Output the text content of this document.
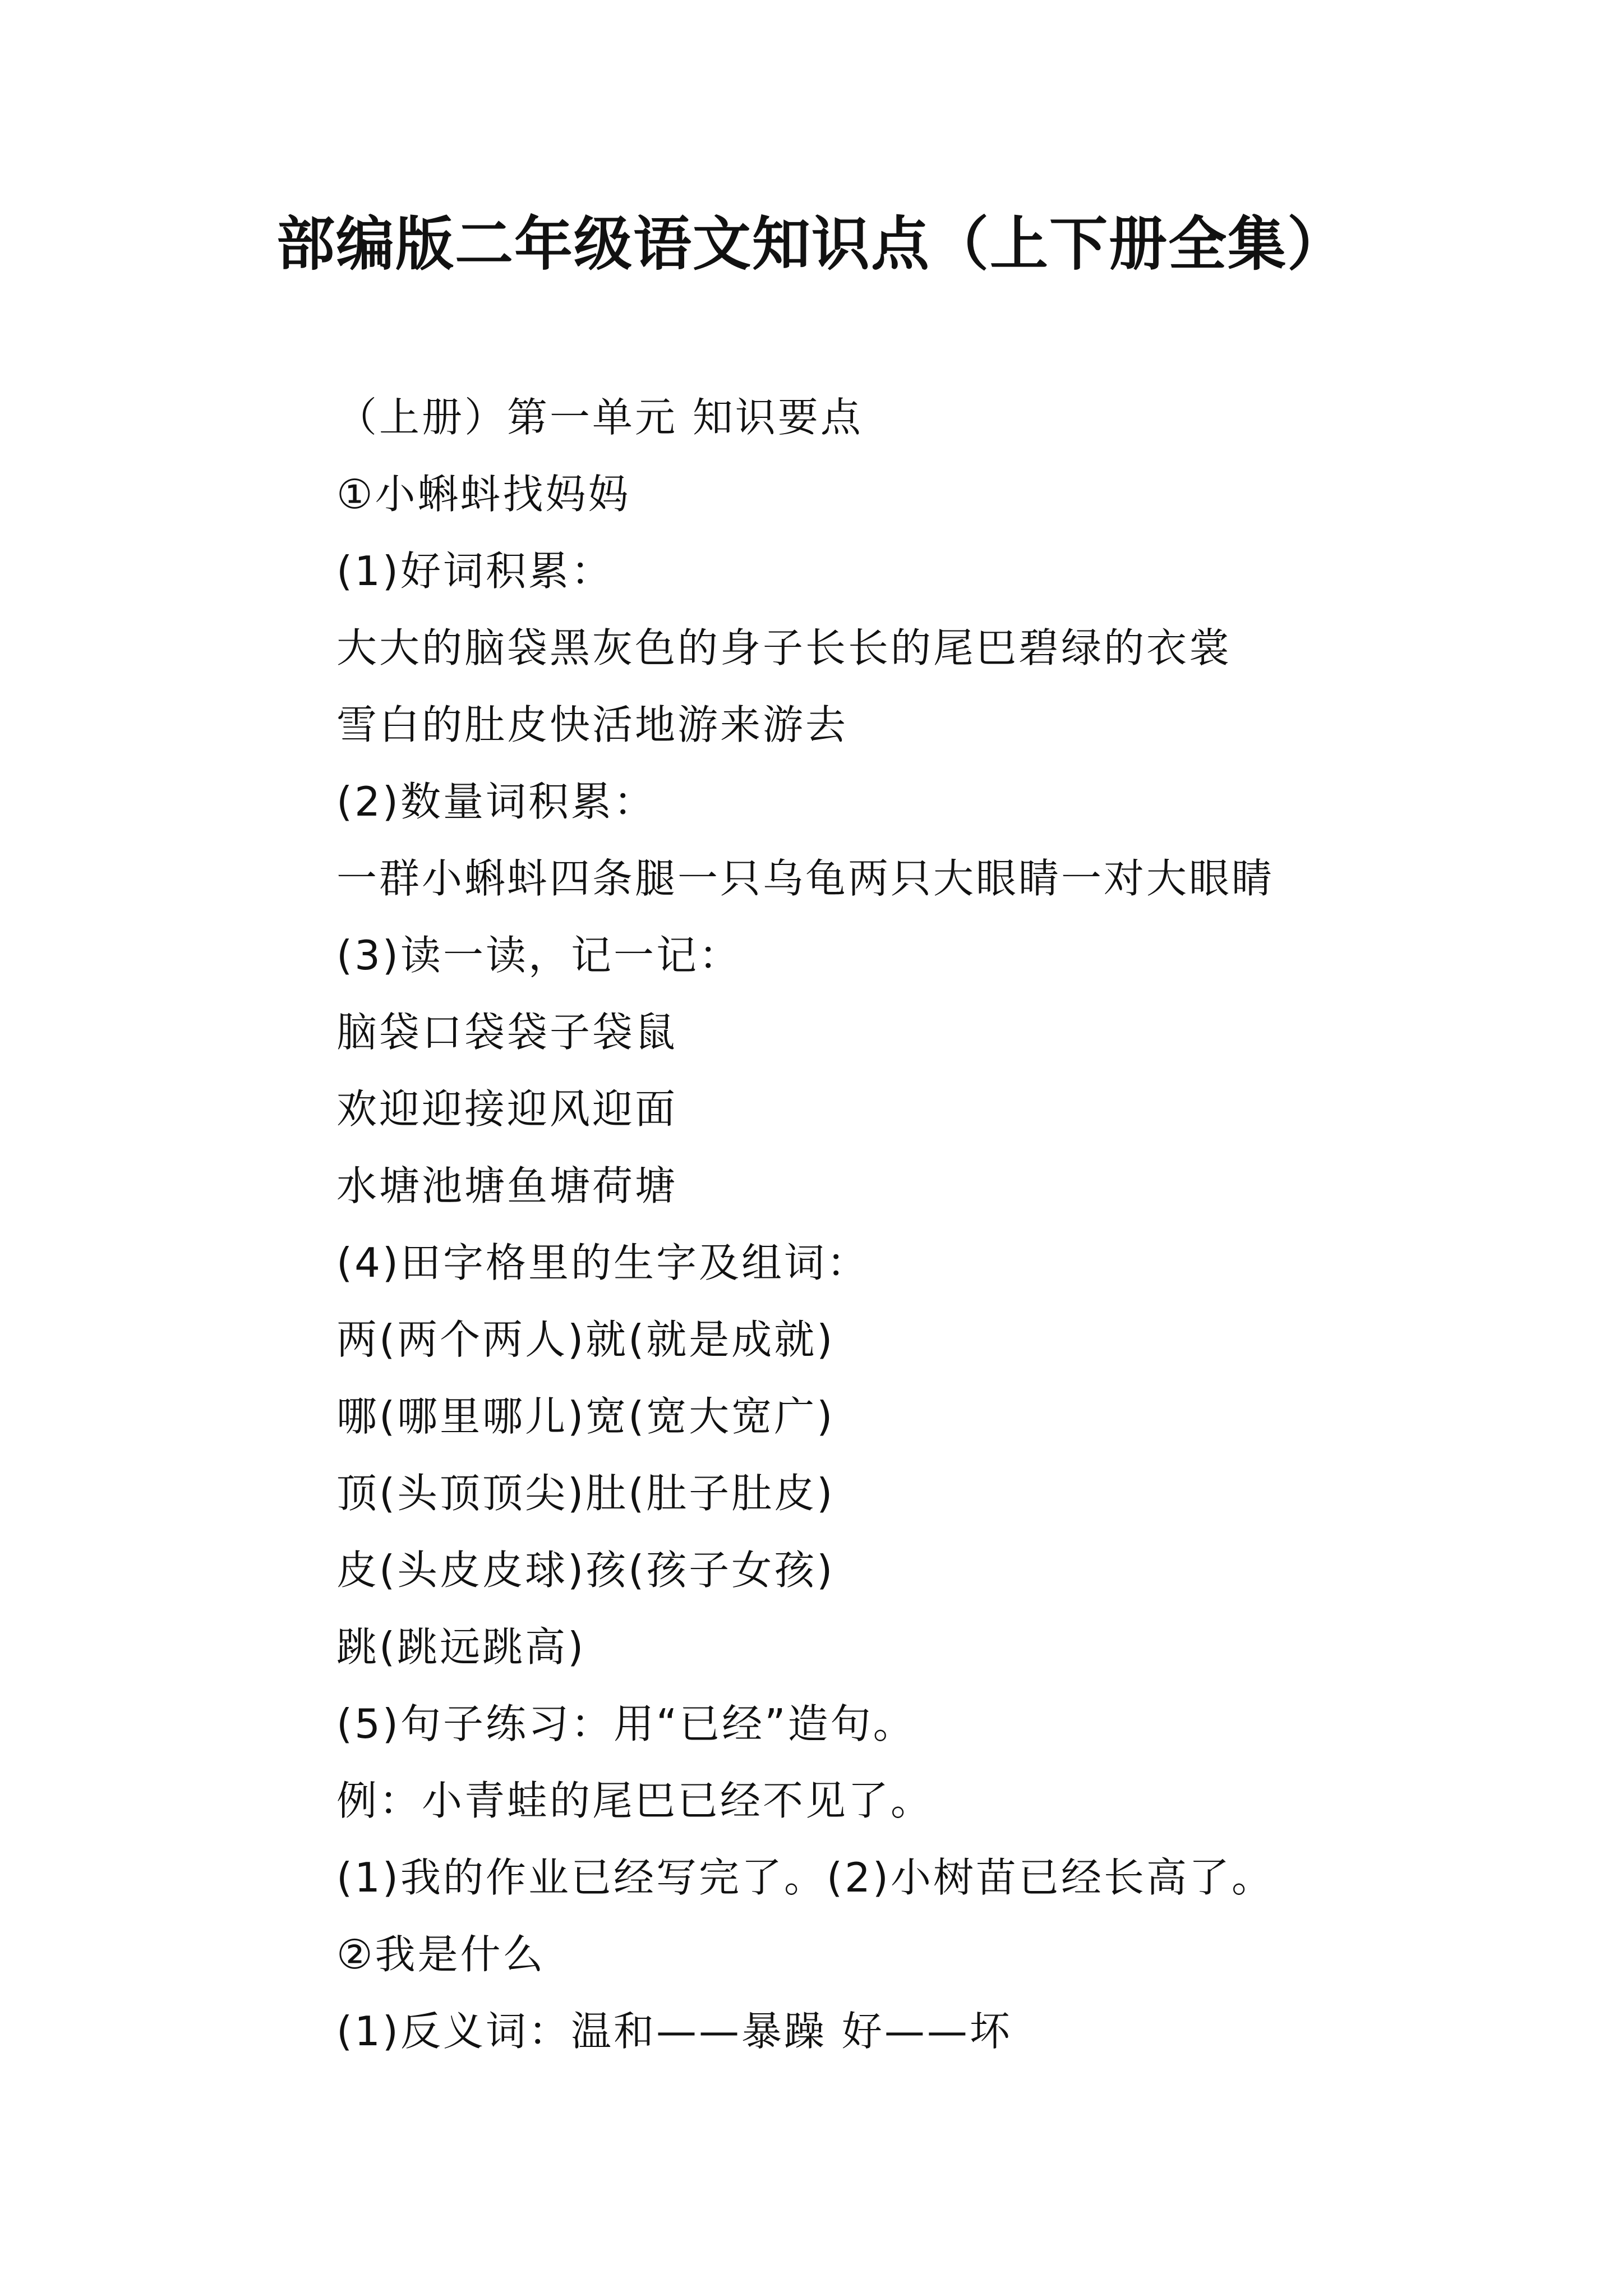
部编版二年级语文知识点（上下册全集）
（上册）第一单元 知识要点
①小蝌蚪找妈妈
(1)好词积累：
大大的脑袋黑灰色的身子长长的尾巴碧绿的衣裳
雪白的肚皮快活地游来游去
(2)数量词积累：
一群小蝌蚪四条腿一只乌龟两只大眼睛一对大眼睛
(3)读一读，记一记：
脑袋口袋袋子袋鼠
欢迎迎接迎风迎面
水塘池塘鱼塘荷塘
(4)田字格里的生字及组词：
两(两个两人)就(就是成就)
哪(哪里哪儿)宽(宽大宽广)
顶(头顶顶尖)肚(肚子肚皮)
皮(头皮皮球)孩(孩子女孩)
跳(跳远跳高)
(5)句子练习：用“已经”造句。
例：小青蛙的尾巴已经不见了。
(1)我的作业已经写完了。(2)小树苗已经长高了。
②我是什么
(1)反义词：温和——暴躁 好——坏
